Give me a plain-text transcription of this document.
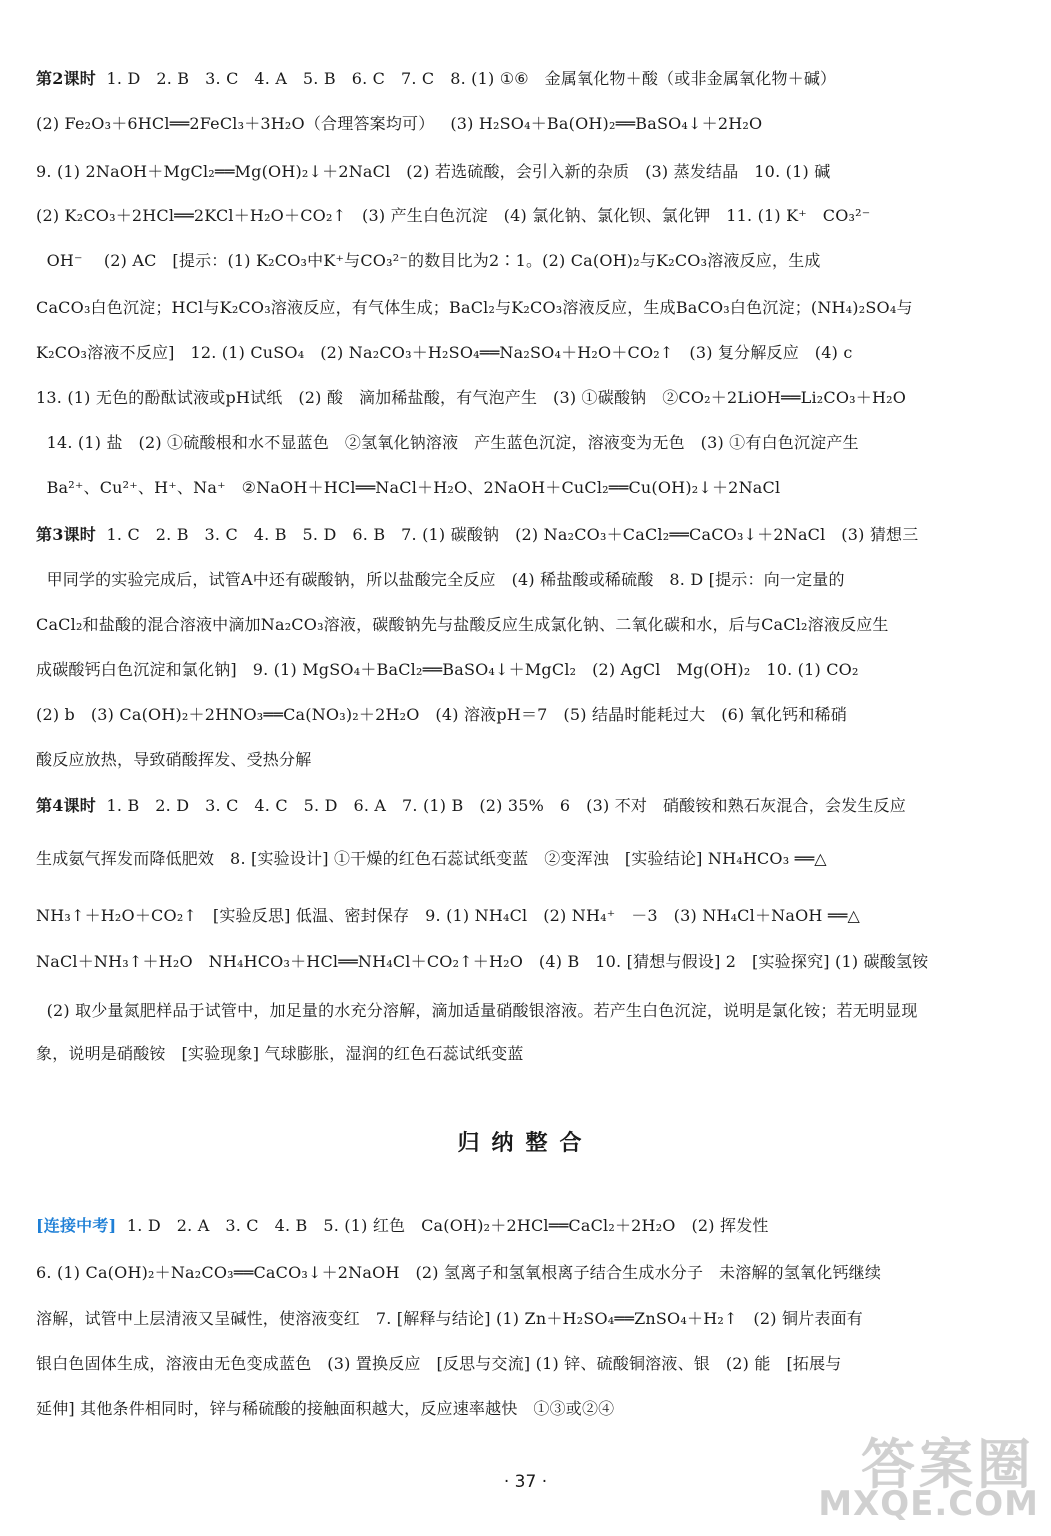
第2课时  1. D   2. B   3. C   4. A   5. B   6. C   7. C   8. (1) ①⑥   金属氧化物＋酸（或非金属氧化物＋碱）
(2) Fe₂O₃＋6HCl══2FeCl₃＋3H₂O（合理答案均可）   (3) H₂SO₄＋Ba(OH)₂══BaSO₄↓＋2H₂O
9. (1) 2NaOH＋MgCl₂══Mg(OH)₂↓＋2NaCl   (2) 若选硫酸，会引入新的杂质   (3) 蒸发结晶   10. (1) 碱
(2) K₂CO₃＋2HCl══2KCl＋H₂O＋CO₂↑   (3) 产生白色沉淀   (4) 氯化钠、氯化钡、氯化钾   11. (1) K⁺   CO₃²⁻
OH⁻    (2) AC   [提示：(1) K₂CO₃中K⁺与CO₃²⁻的数目比为2∶1。(2) Ca(OH)₂与K₂CO₃溶液反应，生成
CaCO₃白色沉淀；HCl与K₂CO₃溶液反应，有气体生成；BaCl₂与K₂CO₃溶液反应，生成BaCO₃白色沉淀；(NH₄)₂SO₄与
K₂CO₃溶液不反应]   12. (1) CuSO₄   (2) Na₂CO₃＋H₂SO₄══Na₂SO₄＋H₂O＋CO₂↑   (3) 复分解反应   (4) c
13. (1) 无色的酚酞试液或pH试纸   (2) 酸   滴加稀盐酸，有气泡产生   (3) ①碳酸钠   ②CO₂＋2LiOH══Li₂CO₃＋H₂O
14. (1) 盐   (2) ①硫酸根和水不显蓝色   ②氢氧化钠溶液   产生蓝色沉淀，溶液变为无色   (3) ①有白色沉淀产生
Ba²⁺、Cu²⁺、H⁺、Na⁺   ②NaOH＋HCl══NaCl＋H₂O、2NaOH＋CuCl₂══Cu(OH)₂↓＋2NaCl
第3课时  1. C   2. B   3. C   4. B   5. D   6. B   7. (1) 碳酸钠   (2) Na₂CO₃＋CaCl₂══CaCO₃↓＋2NaCl   (3) 猜想三
甲同学的实验完成后，试管A中还有碳酸钠，所以盐酸完全反应   (4) 稀盐酸或稀硫酸   8. D [提示：向一定量的
CaCl₂和盐酸的混合溶液中滴加Na₂CO₃溶液，碳酸钠先与盐酸反应生成氯化钠、二氧化碳和水，后与CaCl₂溶液反应生
成碳酸钙白色沉淀和氯化钠]   9. (1) MgSO₄＋BaCl₂══BaSO₄↓＋MgCl₂   (2) AgCl   Mg(OH)₂   10. (1) CO₂
(2) b   (3) Ca(OH)₂＋2HNO₃══Ca(NO₃)₂＋2H₂O   (4) 溶液pH＝7   (5) 结晶时能耗过大   (6) 氧化钙和稀硝
酸反应放热，导致硝酸挥发、受热分解
第4课时  1. B   2. D   3. C   4. C   5. D   6. A   7. (1) B   (2) 35%   6   (3) 不对   硝酸铵和熟石灰混合，会发生反应
生成氨气挥发而降低肥效   8. [实验设计] ①干燥的红色石蕊试纸变蓝   ②变浑浊   [实验结论] NH₄HCO₃ ══△
NH₃↑＋H₂O＋CO₂↑   [实验反思] 低温、密封保存   9. (1) NH₄Cl   (2) NH₄⁺   －3   (3) NH₄Cl＋NaOH ══△
NaCl＋NH₃↑＋H₂O   NH₄HCO₃＋HCl══NH₄Cl＋CO₂↑＋H₂O   (4) B   10. [猜想与假设] 2   [实验探究] (1) 碳酸氢铵
(2) 取少量氮肥样品于试管中，加足量的水充分溶解，滴加适量硝酸银溶液。若产生白色沉淀，说明是氯化铵；若无明显现
象，说明是硝酸铵   [实验现象] 气球膨胀，湿润的红色石蕊试纸变蓝
归纳整合
[连接中考]  1. D   2. A   3. C   4. B   5. (1) 红色   Ca(OH)₂＋2HCl══CaCl₂＋2H₂O   (2) 挥发性
6. (1) Ca(OH)₂＋Na₂CO₃══CaCO₃↓＋2NaOH   (2) 氢离子和氢氧根离子结合生成水分子   未溶解的氢氧化钙继续
溶解，试管中上层清液又呈碱性，使溶液变红   7. [解释与结论] (1) Zn＋H₂SO₄══ZnSO₄＋H₂↑   (2) 铜片表面有
银白色固体生成，溶液由无色变成蓝色   (3) 置换反应   [反思与交流] (1) 锌、硫酸铜溶液、银   (2) 能   [拓展与
延伸] 其他条件相同时，锌与稀硫酸的接触面积越大，反应速率越快   ①③或②④
· 37 ·	答案圈
MXQE.COM
